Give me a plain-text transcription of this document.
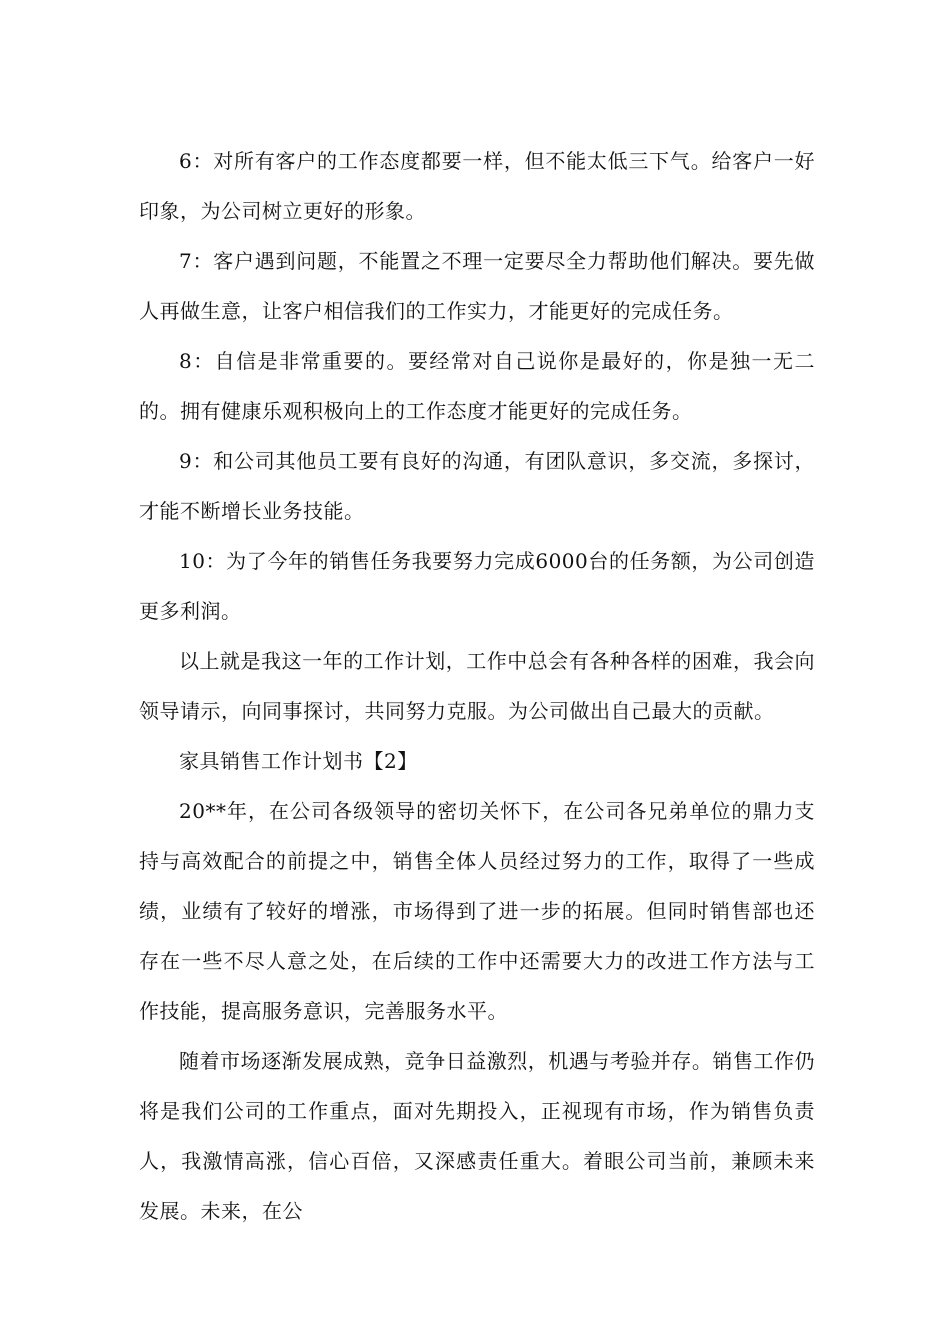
6：对所有客户的工作态度都要一样，但不能太低三下气。给客户一好印象，为公司树立更好的形象。

7：客户遇到问题，不能置之不理一定要尽全力帮助他们解决。要先做人再做生意，让客户相信我们的工作实力，才能更好的完成任务。

8：自信是非常重要的。要经常对自己说你是最好的，你是独一无二的。拥有健康乐观积极向上的工作态度才能更好的完成任务。

9：和公司其他员工要有良好的沟通，有团队意识，多交流，多探讨，才能不断增长业务技能。

10：为了今年的销售任务我要努力完成6000台的任务额，为公司创造更多利润。

以上就是我这一年的工作计划，工作中总会有各种各样的困难，我会向领导请示，向同事探讨，共同努力克服。为公司做出自己最大的贡献。

家具销售工作计划书【2】

20**年，在公司各级领导的密切关怀下，在公司各兄弟单位的鼎力支持与高效配合的前提之中，销售全体人员经过努力的工作，取得了一些成绩，业绩有了较好的增涨，市场得到了进一步的拓展。但同时销售部也还存在一些不尽人意之处，在后续的工作中还需要大力的改进工作方法与工作技能，提高服务意识，完善服务水平。

随着市场逐渐发展成熟，竞争日益激烈，机遇与考验并存。销售工作仍将是我们公司的工作重点，面对先期投入，正视现有市场，作为销售负责人，我激情高涨，信心百倍，又深感责任重大。着眼公司当前，兼顾未来发展。未来，在公
